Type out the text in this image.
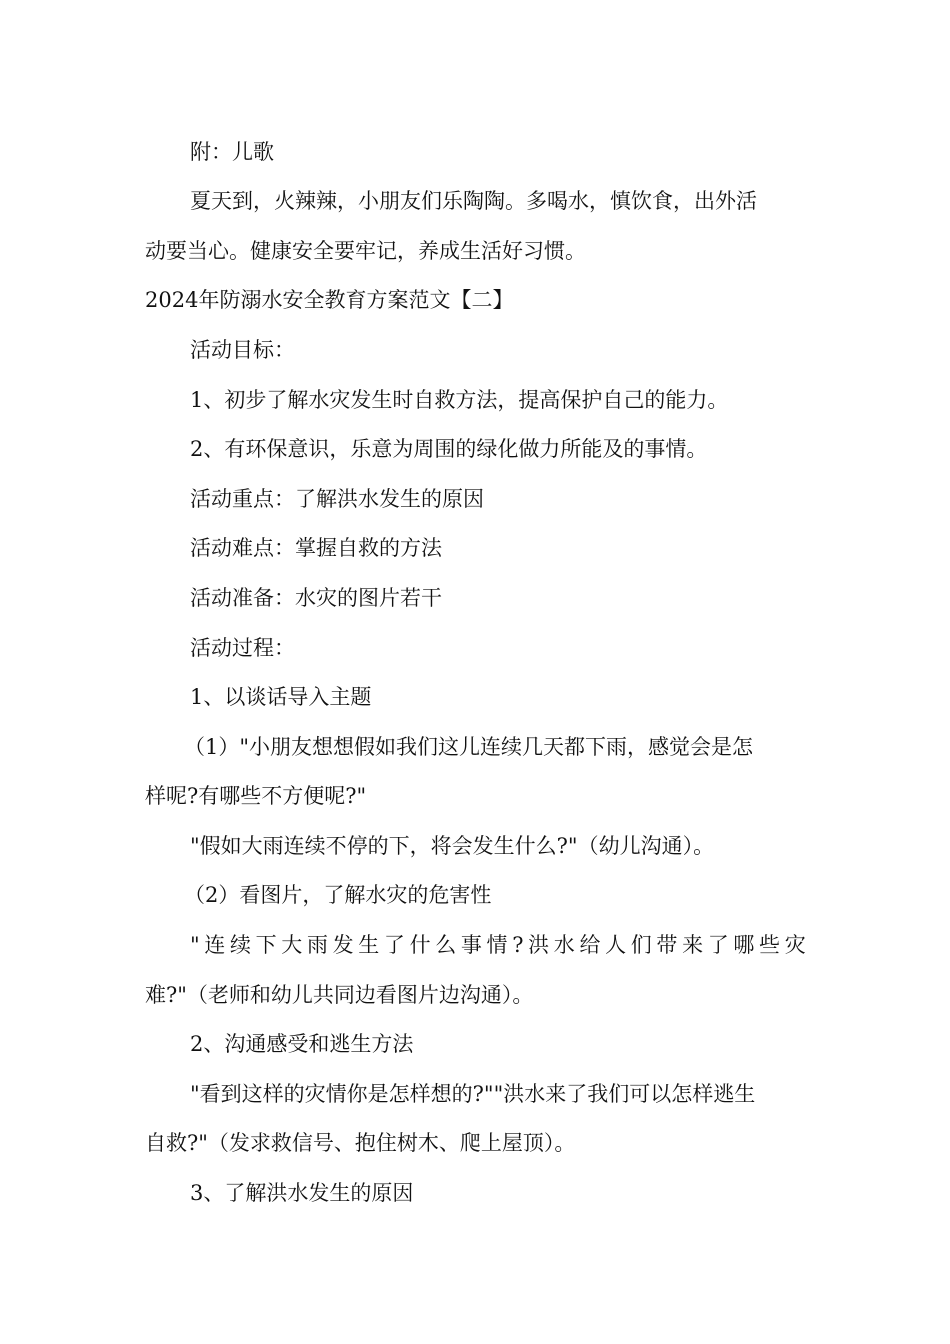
附：儿歌
夏天到，火辣辣，小朋友们乐陶陶。多喝水，慎饮食，出外活
动要当心。健康安全要牢记，养成生活好习惯。
2024年防溺水安全教育方案范文【二】
活动目标：
1、初步了解水灾发生时自救方法，提高保护自己的能力。
2、有环保意识，乐意为周围的绿化做力所能及的事情。
活动重点：了解洪水发生的原因
活动难点：掌握自救的方法
活动准备：水灾的图片若干
活动过程：
1、以谈话导入主题
（1）"小朋友想想假如我们这儿连续几天都下雨，感觉会是怎
样呢?有哪些不方便呢?"
"假如大雨连续不停的下，将会发生什么?"（幼儿沟通）。
（2）看图片，了解水灾的危害性
" 连 续 下 大 雨 发 生 了 什 么 事 情 ? 洪 水 给 人 们 带 来 了 哪 些 灾
难?"（老师和幼儿共同边看图片边沟通）。
2、沟通感受和逃生方法
"看到这样的灾情你是怎样想的?""洪水来了我们可以怎样逃生
自救?"（发求救信号、抱住树木、爬上屋顶）。
3、了解洪水发生的原因
